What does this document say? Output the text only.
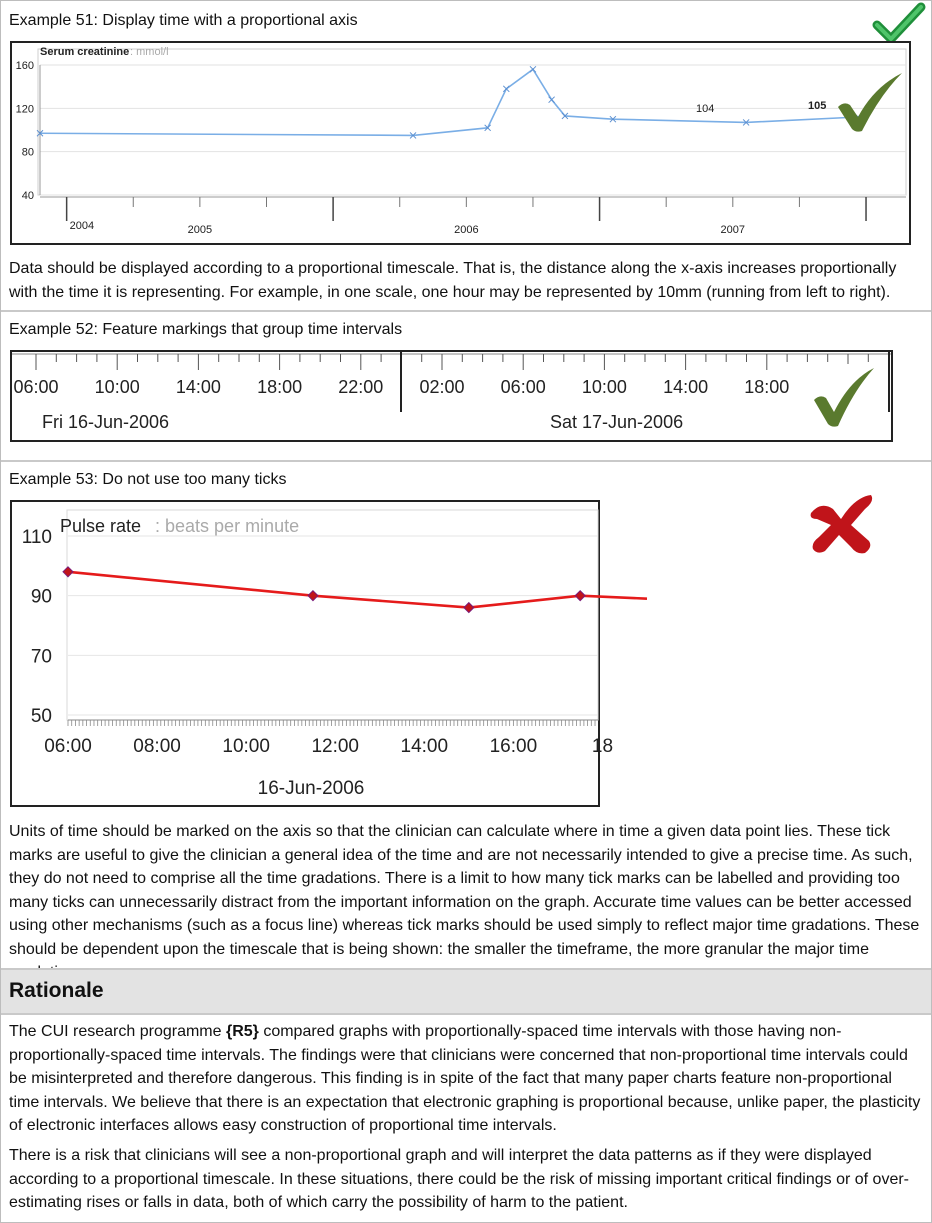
Example 51: Display time with a proportional axis
Serum creatinine : mmol/l
160
120
80
40
2004	2005	2006	2007
104	105

Data should be displayed according to a proportional timescale. That is, the distance along the x-axis increases proportionally with the time it is representing. For example, in one scale, one hour may be represented by 10mm (running from left to right).

Example 52: Feature markings that group time intervals
06:00 10:00 14:00 18:00 22:00 02:00 06:00 10:00 14:00 18:00
Fri 16-Jun-2006	Sat 17-Jun-2006
Example 53: Do not use too many ticks
Pulse rate : beats per minute
110
90
70
50
06:00 08:00 10:00 12:00 14:00 16:00	18
16-Jun-2006

Units of time should be marked on the axis so that the clinician can calculate where in time a given data point lies. These tick marks are useful to give the clinician a general idea of the time and are not necessarily intended to give a precise time. As such, they do not need to comprise all the time gradations. There is a limit to how many tick marks can be labelled and providing too many ticks can unnecessarily distract from the important information on the graph. Accurate time values can be better accessed using other mechanisms (such as a focus line) whereas tick marks should be used simply to reflect major time gradations. These should be dependent upon the timescale that is being shown: the smaller the timeframe, the more granular the major time

Rationale

The CUI research programme {R5} compared graphs with proportionally-spaced time intervals with those having non-proportionally-spaced time intervals. The findings were that clinicians were concerned that non-proportional time intervals could be misinterpreted and therefore dangerous. This finding is in spite of the fact that many paper charts feature non-proportional time intervals. We believe that there is an expectation that electronic graphing is proportional because, unlike paper, the plasticity of electronic interfaces allows easy construction of proportional time intervals.

There is a risk that clinicians will see a non-proportional graph and will interpret the data patterns as if they were displayed according to a proportional timescale. In these situations, there could be the risk of missing important critical findings or of over-estimating rises or falls in data, both of which carry the possibility of harm to the patient.
